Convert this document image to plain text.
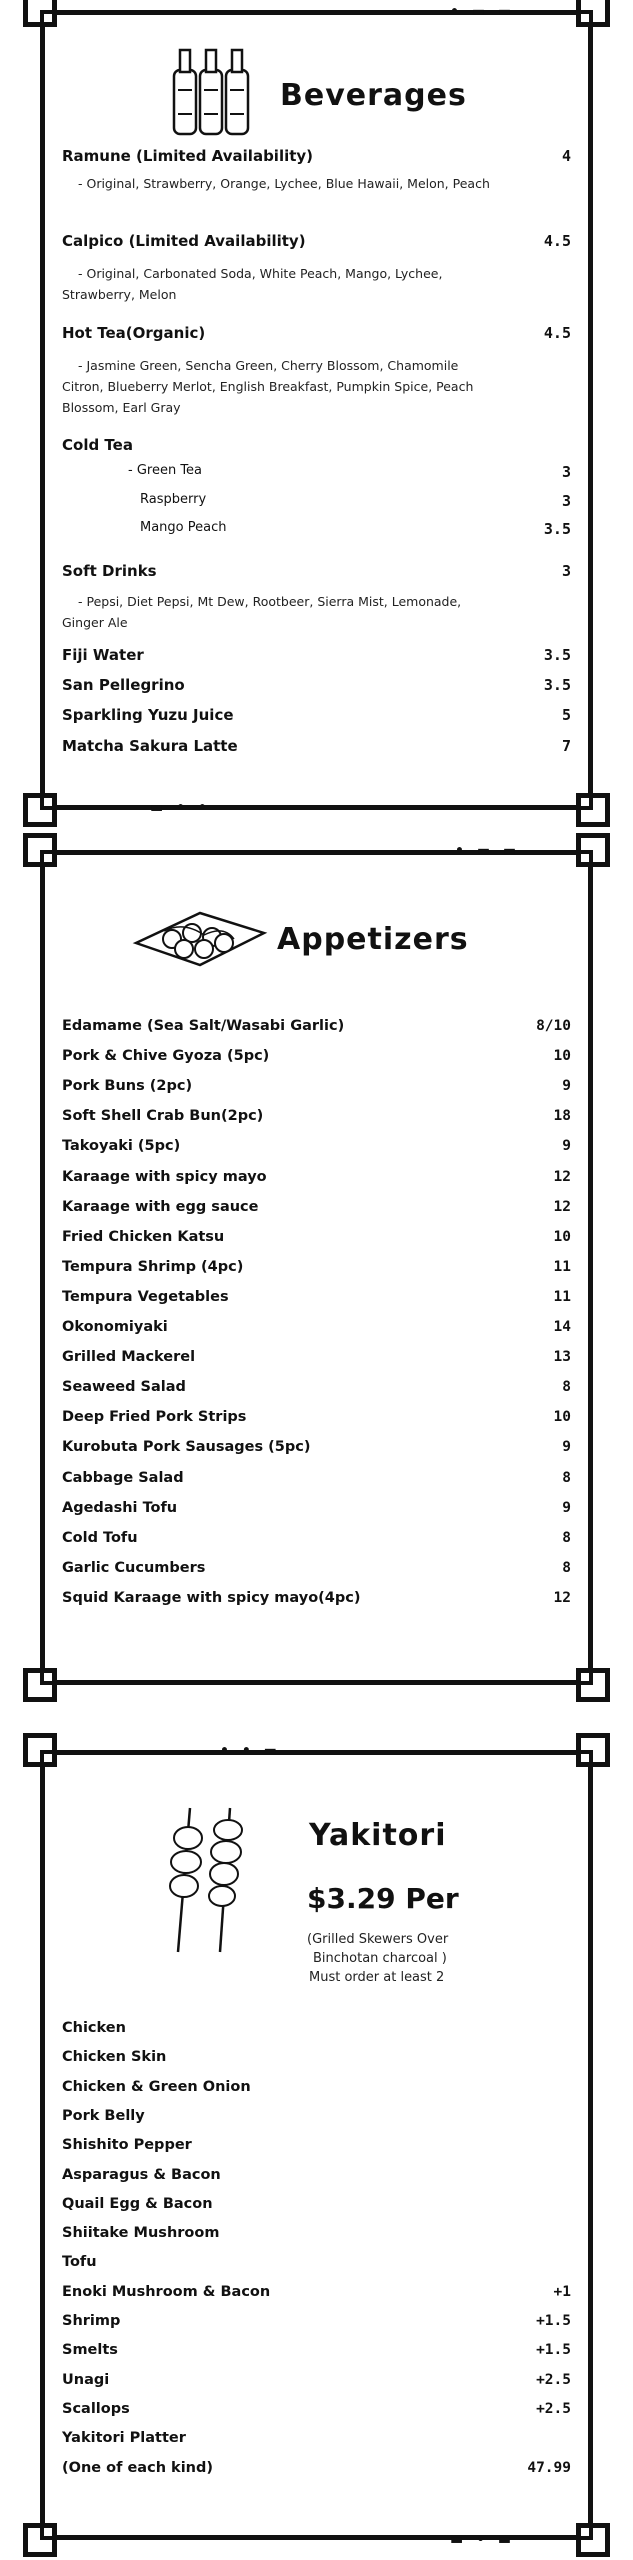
• ▬ ▬
▬ • •
Beverages
Ramune (Limited Availability)	4
- Original, Strawberry, Orange, Lychee, Blue Hawaii, Melon, Peach
Calpico (Limited Availability)	4.5
- Original, Carbonated Soda, White Peach, Mango, Lychee, Strawberry, Melon
Hot Tea(Organic)	4.5
- Jasmine Green, Sencha Green, Cherry Blossom, Chamomile Citron, Blueberry Merlot, English Breakfast, Pumpkin Spice, Peach Blossom, Earl Gray
Cold Tea
- Green Tea	3
Raspberry	3
Mango Peach	3.5
Soft Drinks	3
- Pepsi, Diet Pepsi, Mt Dew, Rootbeer, Sierra Mist, Lemonade, Ginger Ale
Fiji Water	3.5
San Pellegrino	3.5
Sparkling Yuzu Juice	5
Matcha Sakura Latte	7
• ▬ ▬
Appetizers
Edamame (Sea Salt/Wasabi Garlic)	8/10
Pork & Chive Gyoza (5pc)	10
Pork Buns (2pc)	9
Soft Shell Crab Bun(2pc)	18
Takoyaki (5pc)	9
Karaage with spicy mayo	12
Karaage with egg sauce	12
Fried Chicken Katsu	10
Tempura Shrimp (4pc)	11
Tempura Vegetables	11
Okonomiyaki	14
Grilled Mackerel	13
Seaweed Salad	8
Deep Fried Pork Strips	10
Kurobuta Pork Sausages (5pc)	9
Cabbage Salad	8
Agedashi Tofu	9
Cold Tofu	8
Garlic Cucumbers	8
Squid Karaage with spicy mayo(4pc)	12
• • ▬
▬ • ▬
Yakitori
$3.29 Per
(Grilled Skewers Over
Binchotan charcoal )
Must order at least 2
Chicken
Chicken Skin
Chicken & Green Onion
Pork Belly
Shishito Pepper
Asparagus & Bacon
Quail Egg & Bacon
Shiitake Mushroom
Tofu
Enoki Mushroom & Bacon	+1
Shrimp	+1.5
Smelts	+1.5
Unagi	+2.5
Scallops	+2.5
Yakitori Platter
(One of each kind)	47.99
